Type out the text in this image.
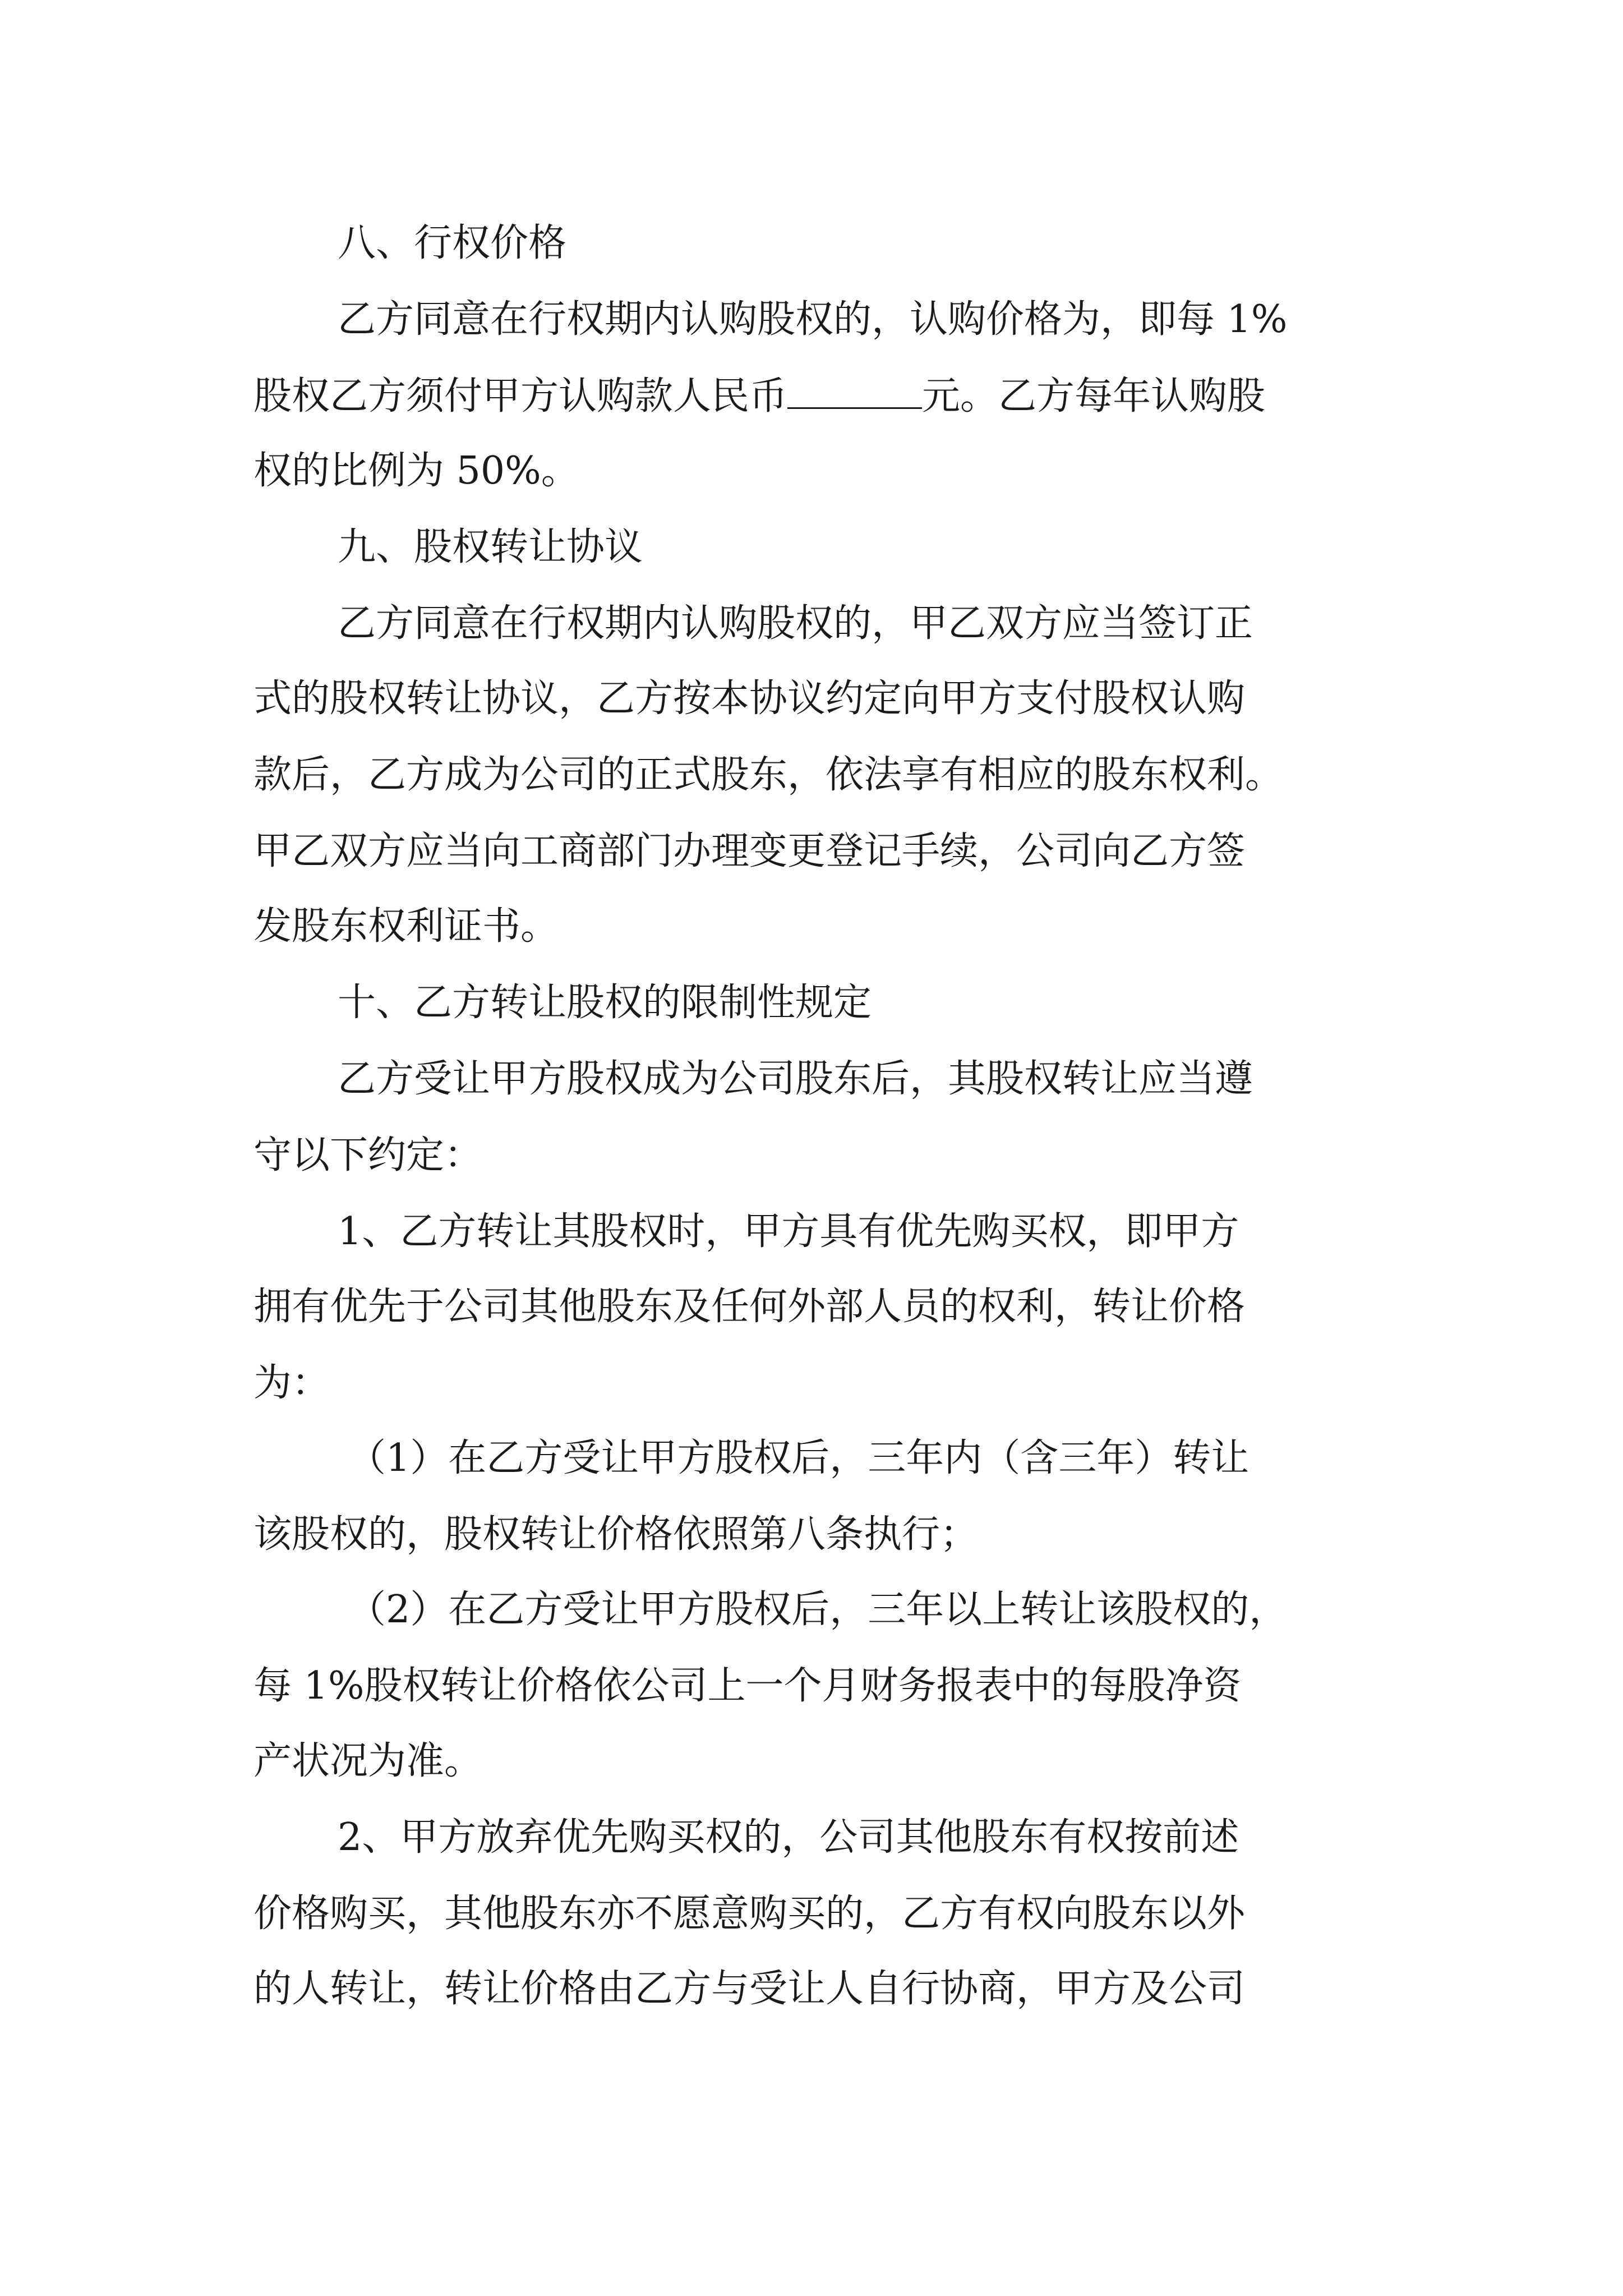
八、行权价格

乙方同意在行权期内认购股权的，认购价格为，即每 1%

股权乙方须付甲方认购款人民币	元。乙方每年认购股

权的比例为 50%。

九、股权转让协议

乙方同意在行权期内认购股权的，甲乙双方应当签订正

式的股权转让协议，乙方按本协议约定向甲方支付股权认购

款后，乙方成为公司的正式股东，依法享有相应的股东权利。

甲乙双方应当向工商部门办理变更登记手续，公司向乙方签

发股东权利证书。

十、乙方转让股权的限制性规定

乙方受让甲方股权成为公司股东后，其股权转让应当遵

守以下约定：

1、乙方转让其股权时，甲方具有优先购买权，即甲方

拥有优先于公司其他股东及任何外部人员的权利，转让价格

为：

（1）在乙方受让甲方股权后，三年内（含三年）转让

该股权的，股权转让价格依照第八条执行；

（2）在乙方受让甲方股权后，三年以上转让该股权的，

每 1%股权转让价格依公司上一个月财务报表中的每股净资

产状况为准。

2、甲方放弃优先购买权的，公司其他股东有权按前述

价格购买，其他股东亦不愿意购买的，乙方有权向股东以外

的人转让，转让价格由乙方与受让人自行协商，甲方及公司
